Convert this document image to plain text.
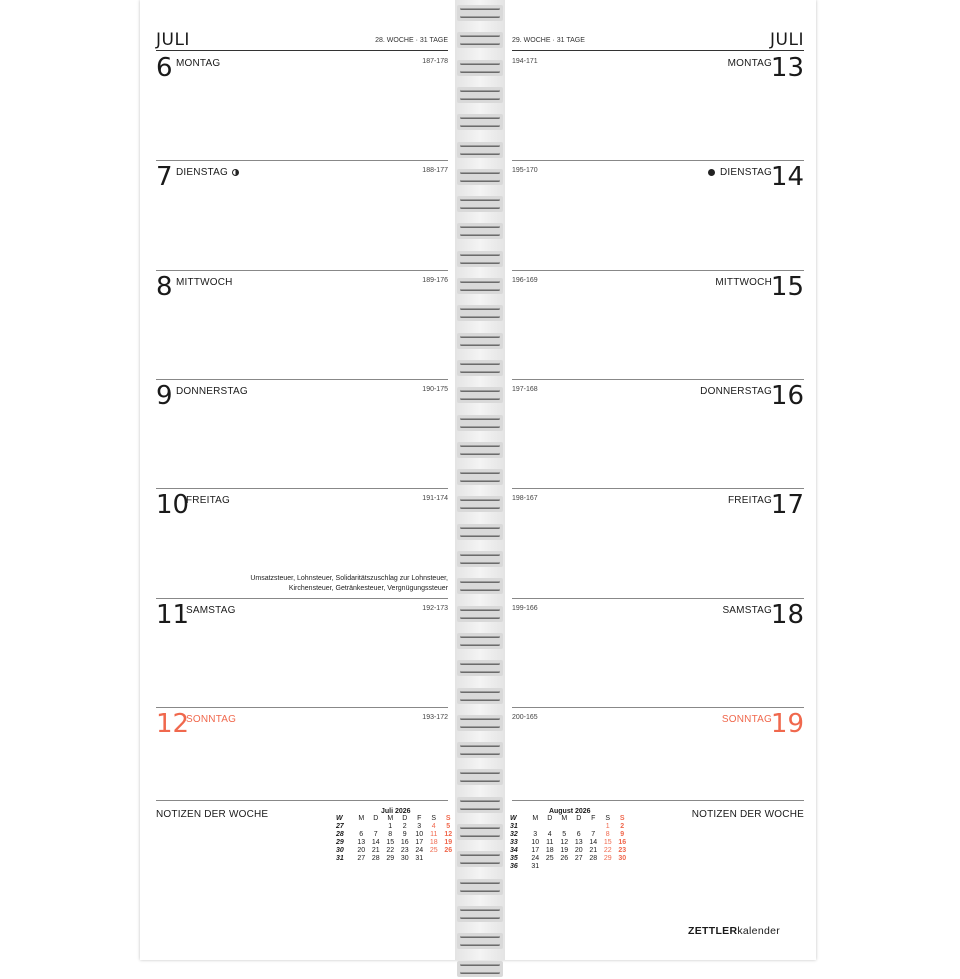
JULI	28. WOCHE · 31 TAGE
6 MONTAG	187-178
7 DIENSTAG	188-177
8 MITTWOCH	189-176
9 DONNERSTAG	190-175
10
FREITAG	191-174
Umsatzsteuer, Lohnsteuer, Solidaritätszuschlag zur Lohnsteuer,
Kirchensteuer, Getränkesteuer, Vergnügungssteuer
11
SAMSTAG	192-173
12
SONNTAG	193-172
NOTIZEN DER WOCHE	Juli 2026
W	M	D	M	D	F	S	S
27			1	2	3	4	5
28	6	7	8	9	10	11	12
29	13	14	15	16	17	18	19
30	20	21	22	23	24	25	26
31	27	28	29	30	31		
JULI
29. WOCHE · 31 TAGE
194-171	MONTAG
13
195-170	DIENSTAG
14
196-169	MITTWOCH
15
197-168	DONNERSTAG
16
198-167	FREITAG
17
199-166	SAMSTAG
18
200-165	SONNTAG
19
NOTIZEN DER WOCHE
August 2026
W	M	D	M	D	F	S	S
31						1	2
32	3	4	5	6	7	8	9
33	10	11	12	13	14	15	16
34	17	18	19	20	21	22	23
35	24	25	26	27	28	29	30
36	31						
ZETTLERkalender
